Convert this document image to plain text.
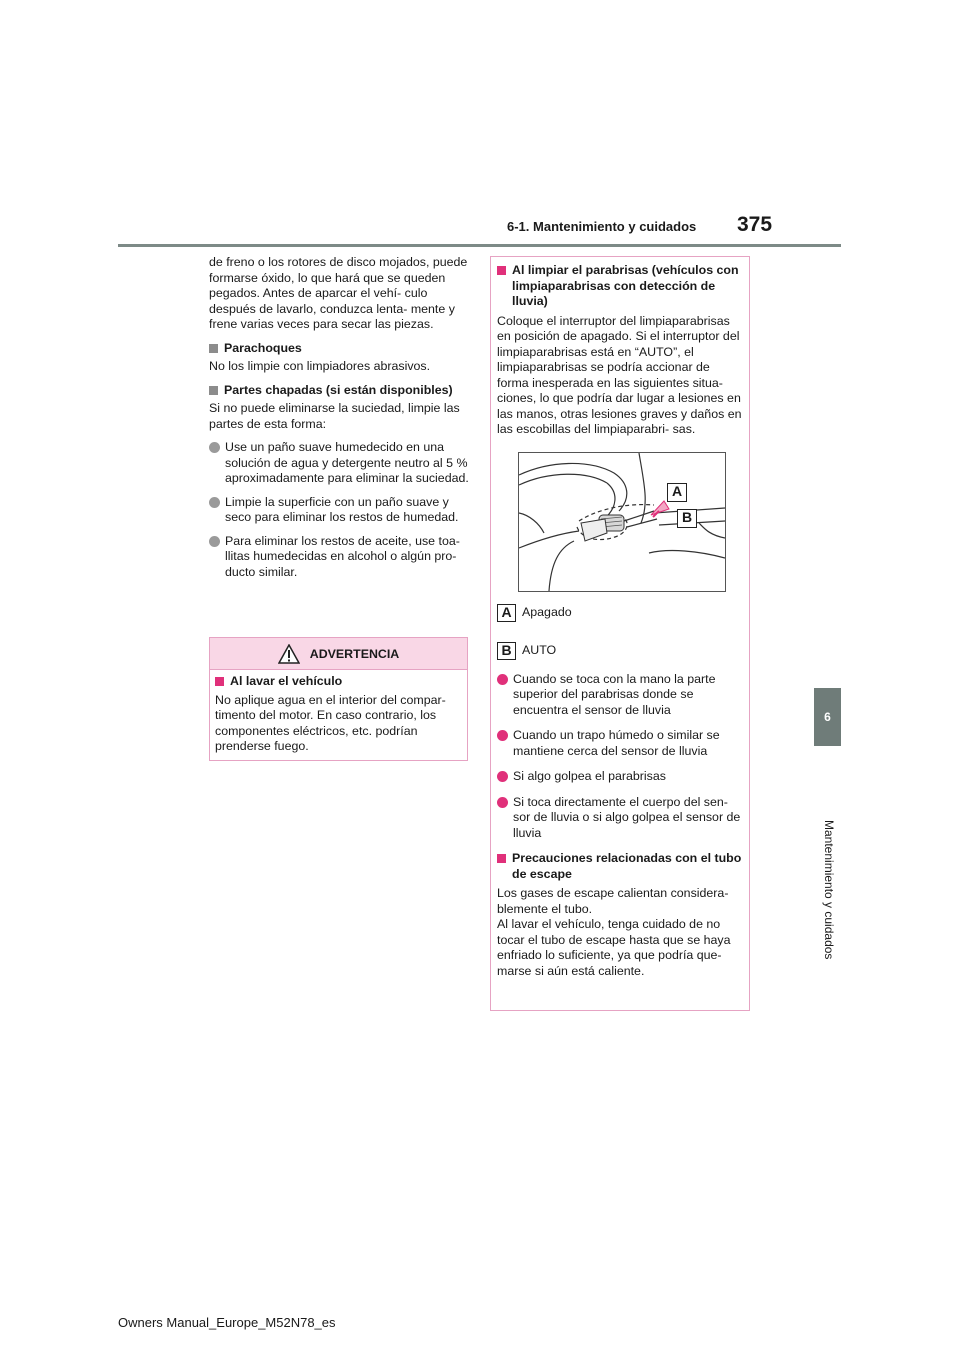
6-1. Mantenimiento y cuidados 375
6
Mantenimiento y cuidados

de freno o los rotores de disco mojados, puede formarse óxido, lo que hará que se queden pegados. Antes de aparcar el vehí- culo después de lavarlo, conduzca lenta- mente y frene varias veces para secar las piezas.

Parachoques

No los limpie con limpiadores abrasivos.

Partes chapadas (si están disponibles)

Si no puede eliminarse la suciedad, limpie las partes de esta forma:

Use un paño suave humedecido en una solución de agua y detergente neutro al 5 % aproximadamente para eliminar la suciedad.
Limpie la superficie con un paño suave y seco para eliminar los restos de humedad.
Para eliminar los restos de aceite, use toa- llitas humedecidas en alcohol o algún pro- ducto similar.
ADVERTENCIA
Al lavar el vehículo
No aplique agua en el interior del compar- timento del motor. En caso contrario, los componentes eléctricos, etc. podrían prenderse fuego.
Al limpiar el parabrisas (vehículos con limpiaparabrisas con detección de lluvia)
Coloque el interruptor del limpiaparabrisas en posición de apagado. Si el interruptor del limpiaparabrisas está en “AUTO”, el limpiaparabrisas se podría accionar de forma inesperada en las siguientes situa- ciones, lo que podría dar lugar a lesiones en las manos, otras lesiones graves y daños en las escobillas del limpiaparabri- sas.
A
B
A Apagado
B AUTO
Cuando se toca con la mano la parte superior del parabrisas donde se encuentra el sensor de lluvia
Cuando un trapo húmedo o similar se mantiene cerca del sensor de lluvia
Si algo golpea el parabrisas
Si toca directamente el cuerpo del sen- sor de lluvia o si algo golpea el sensor de lluvia
Precauciones relacionadas con el tubo de escape
Los gases de escape calientan considera- blemente el tubo.
Al lavar el vehículo, tenga cuidado de no tocar el tubo de escape hasta que se haya enfriado lo suficiente, ya que podría que- marse si aún está caliente.
Owners Manual_Europe_M52N78_es
